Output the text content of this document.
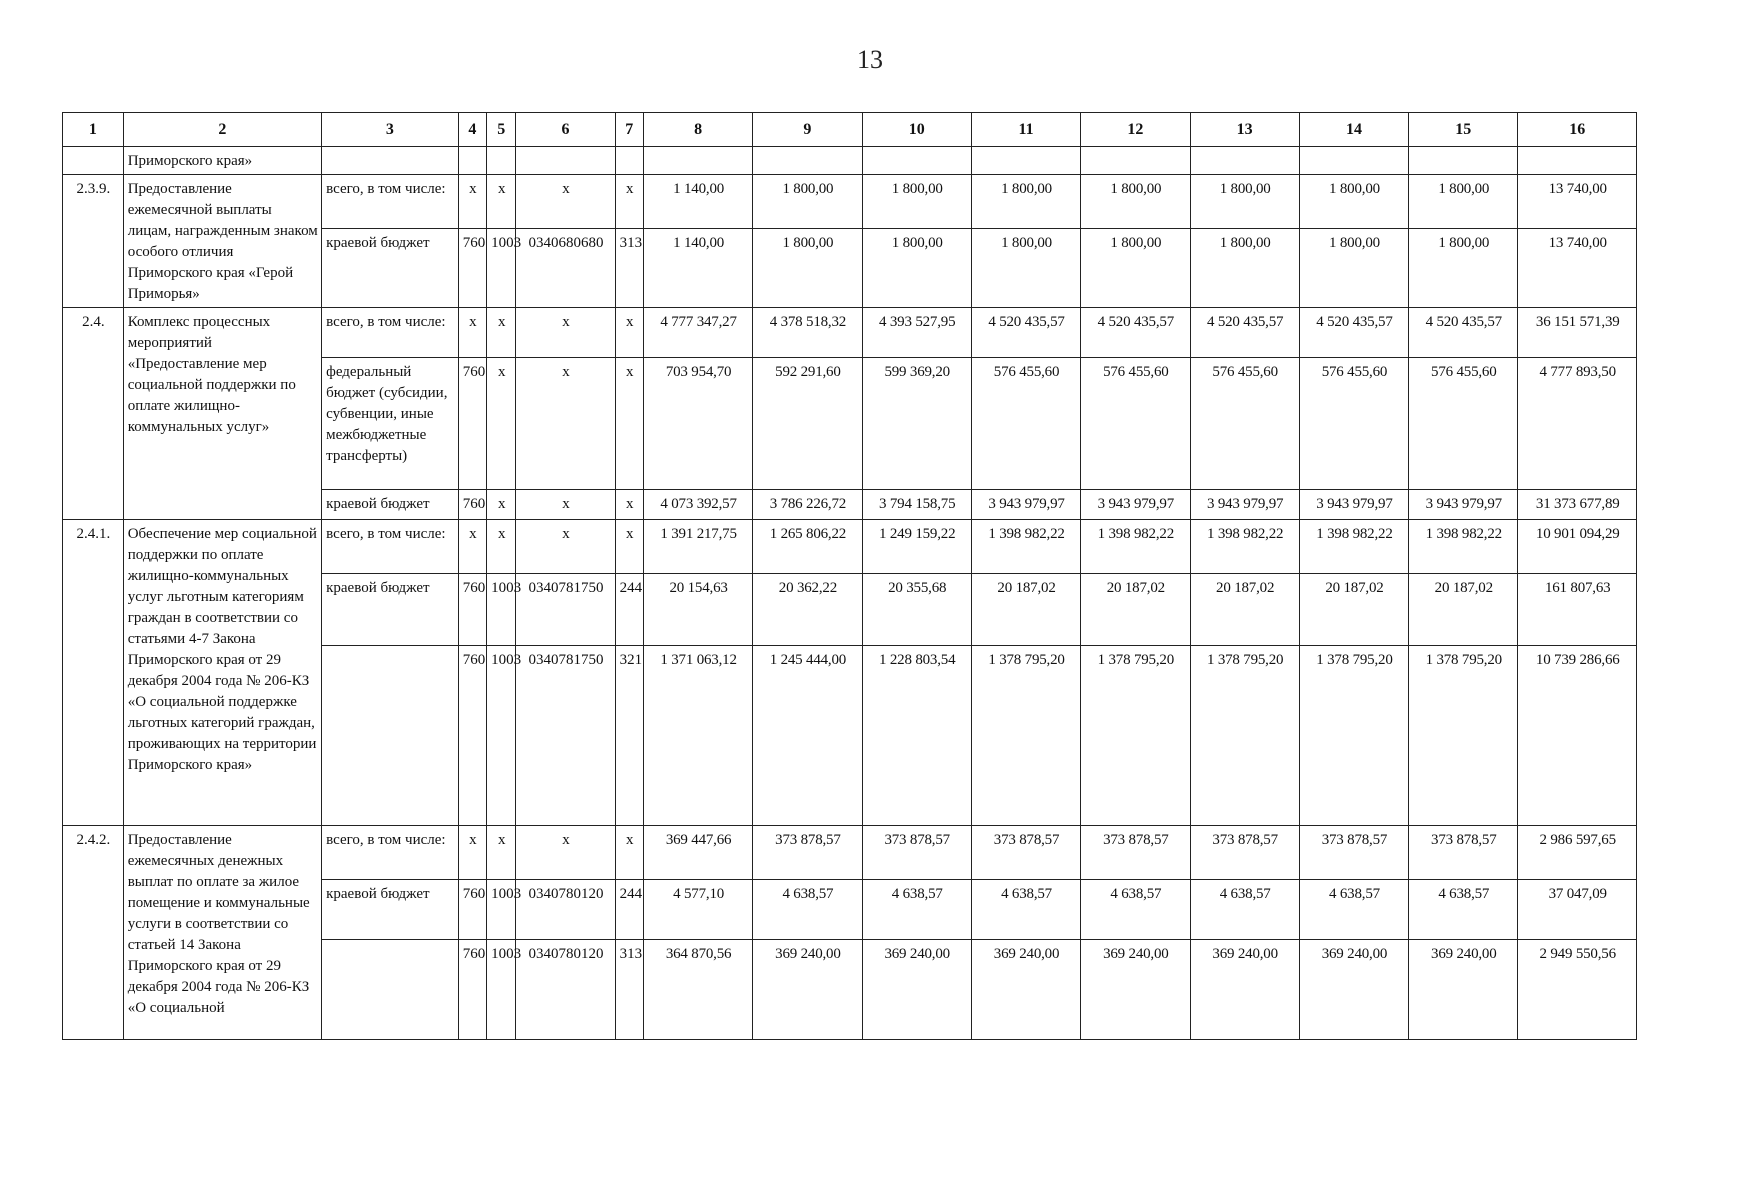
13
1	2	3	4	5	6	7	8	9	10	11	12	13	14	15	16
	Приморского края»														
2.3.9.	Предоставление ежемесячной выплаты лицам, награжденным знаком особого отличия Приморского края «Герой Приморья»	всего, в том числе:	x	x	x	x	1 140,00	1 800,00	1 800,00	1 800,00	1 800,00	1 800,00	1 800,00	1 800,00	13 740,00
		краевой бюджет	760	1003	0340680680	313	1 140,00	1 800,00	1 800,00	1 800,00	1 800,00	1 800,00	1 800,00	1 800,00	13 740,00
2.4.	Комплекс процессных мероприятий «Предоставление мер социальной поддержки по оплате жилищно-коммунальных услуг»	всего, в том числе:	x	x	x	x	4 777 347,27	4 378 518,32	4 393 527,95	4 520 435,57	4 520 435,57	4 520 435,57	4 520 435,57	4 520 435,57	36 151 571,39
		федеральный бюджет (субсидии, субвенции, иные межбюджетные трансферты)	760	x	x	x	703 954,70	592 291,60	599 369,20	576 455,60	576 455,60	576 455,60	576 455,60	576 455,60	4 777 893,50
		краевой бюджет	760	x	x	x	4 073 392,57	3 786 226,72	3 794 158,75	3 943 979,97	3 943 979,97	3 943 979,97	3 943 979,97	3 943 979,97	31 373 677,89
2.4.1.	Обеспечение мер социальной поддержки по оплате жилищно-коммунальных услуг льготным категориям граждан в соответствии со статьями 4-7 Закона Приморского края от 29 декабря 2004 года № 206-КЗ «О социальной поддержке льготных категорий граждан, проживающих на территории Приморского края»	всего, в том числе:	x	x	x	x	1 391 217,75	1 265 806,22	1 249 159,22	1 398 982,22	1 398 982,22	1 398 982,22	1 398 982,22	1 398 982,22	10 901 094,29
		краевой бюджет	760	1003	0340781750	244	20 154,63	20 362,22	20 355,68	20 187,02	20 187,02	20 187,02	20 187,02	20 187,02	161 807,63
			760	1003	0340781750	321	1 371 063,12	1 245 444,00	1 228 803,54	1 378 795,20	1 378 795,20	1 378 795,20	1 378 795,20	1 378 795,20	10 739 286,66
2.4.2.	Предоставление ежемесячных денежных выплат по оплате за жилое помещение и коммунальные услуги в соответствии со статьей 14 Закона Приморского края от 29 декабря 2004 года № 206-КЗ «О социальной	всего, в том числе:	x	x	x	x	369 447,66	373 878,57	373 878,57	373 878,57	373 878,57	373 878,57	373 878,57	373 878,57	2 986 597,65
		краевой бюджет	760	1003	0340780120	244	4 577,10	4 638,57	4 638,57	4 638,57	4 638,57	4 638,57	4 638,57	4 638,57	37 047,09
			760	1003	0340780120	313	364 870,56	369 240,00	369 240,00	369 240,00	369 240,00	369 240,00	369 240,00	369 240,00	2 949 550,56
